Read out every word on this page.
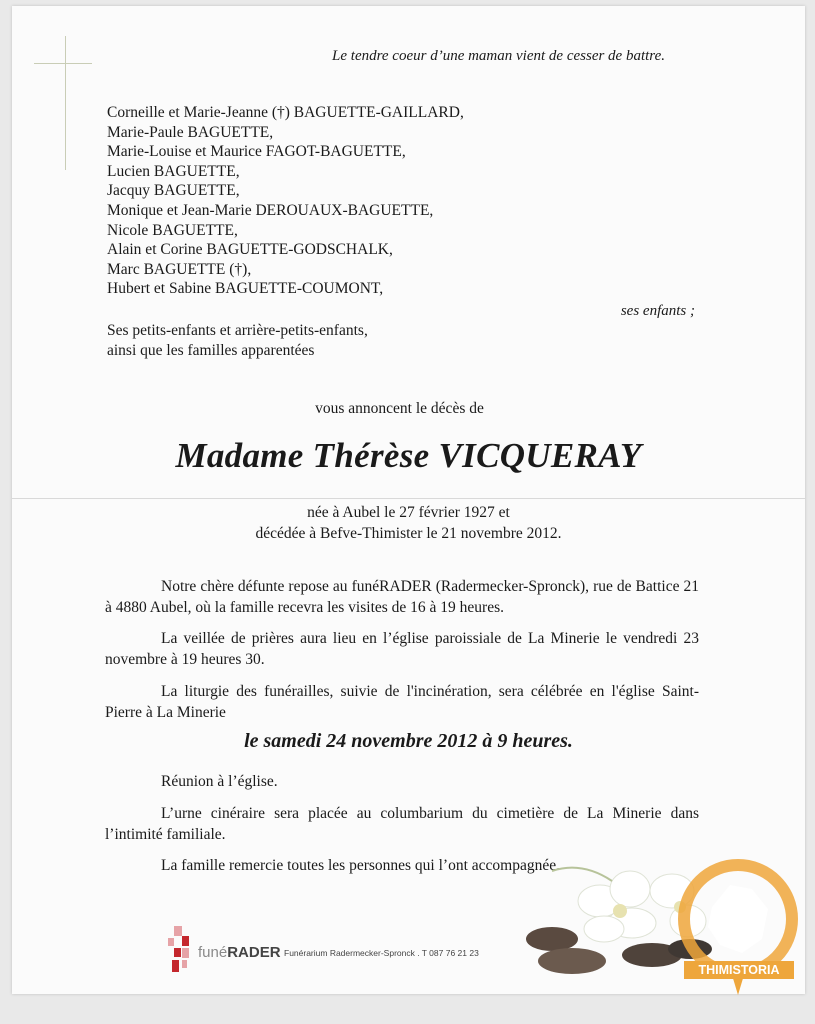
Le tendre coeur d’une maman vient de cesser de battre.
Corneille et Marie-Jeanne (†) BAGUETTE-GAILLARD,
Marie-Paule BAGUETTE,
Marie-Louise et Maurice FAGOT-BAGUETTE,
Lucien BAGUETTE,
Jacquy BAGUETTE,
Monique et Jean-Marie DEROUAUX-BAGUETTE,
Nicole BAGUETTE,
Alain et Corine BAGUETTE-GODSCHALK,
Marc BAGUETTE (†),
Hubert et Sabine BAGUETTE-COUMONT,
ses enfants ;
Ses petits-enfants et arrière-petits-enfants,
ainsi que les familles apparentées
vous annoncent le décès de
Madame Thérèse VICQUERAY
née à Aubel le 27 février 1927 et
décédée à Befve-Thimister le 21 novembre 2012.

Notre chère défunte repose au funéRADER (Radermecker-Spronck), rue de Battice 21 à 4880 Aubel, où la famille recevra les visites de 16 à 19 heures.

La veillée de prières aura lieu en l’église paroissiale de La Minerie le vendredi 23 novembre à 19 heures 30.

La liturgie des funérailles, suivie de l'incinération, sera célébrée en l'église Saint-Pierre à La Minerie

le samedi 24 novembre 2012 à 9 heures.

Réunion à l’église.

L’urne cinéraire sera placée au columbarium du cimetière de La Minerie dans l’intimité familiale.

La famille remercie toutes les personnes qui l’ont accompagnée.

funéRADER Funérarium Radermecker-Spronck . T 087 76 21 23
THIMISTORIA
